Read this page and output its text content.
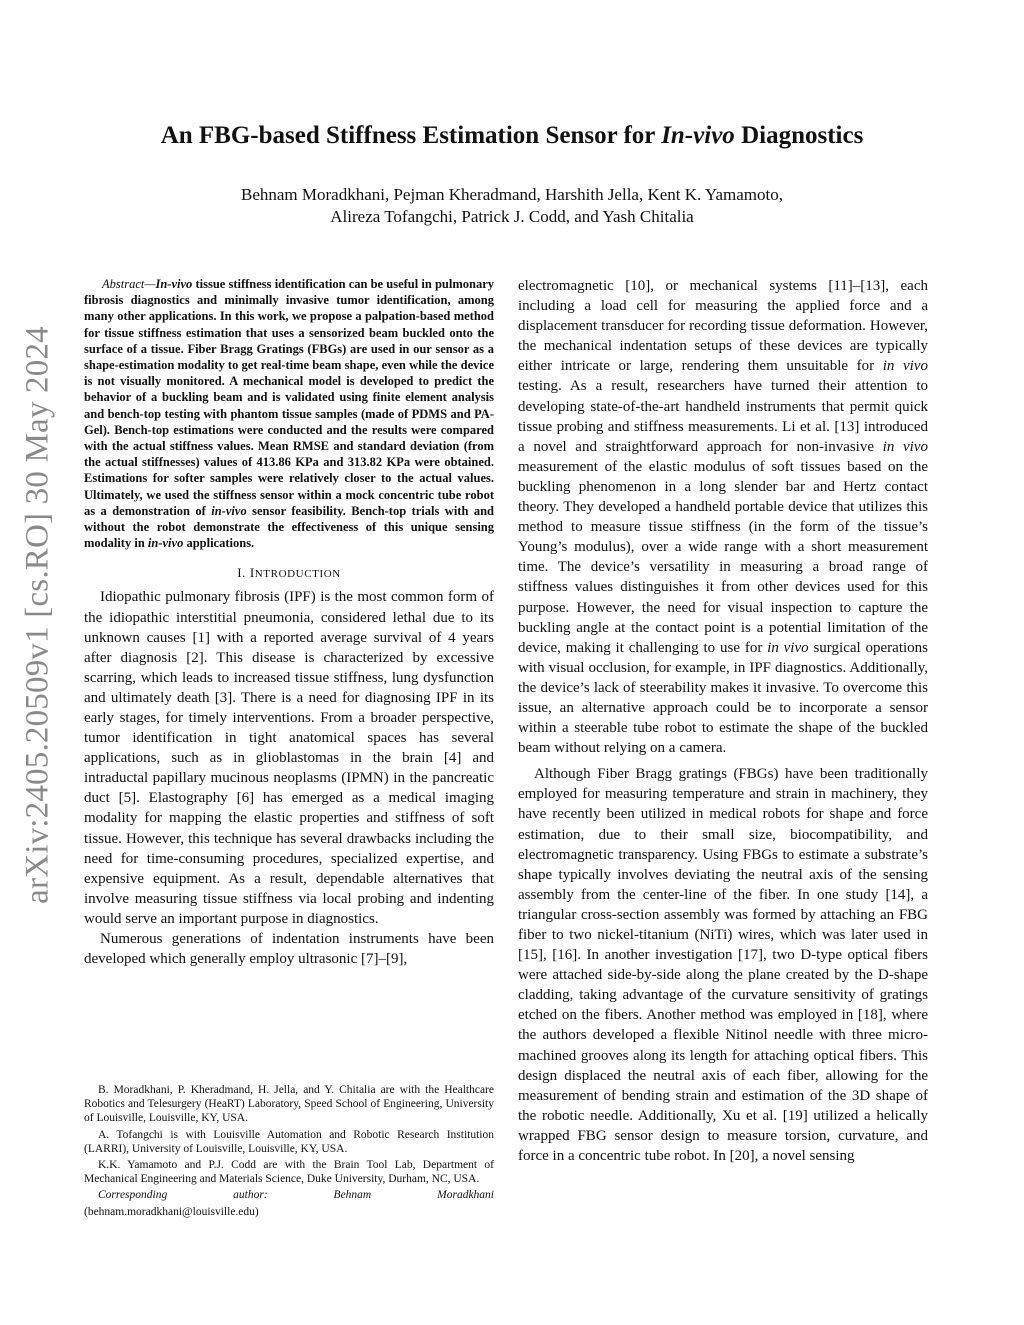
arXiv:2405.20509v1 [cs.RO] 30 May 2024
An FBG-based Stiffness Estimation Sensor for In-vivo Diagnostics
Behnam Moradkhani, Pejman Kheradmand, Harshith Jella, Kent K. Yamamoto,
Alireza Tofangchi, Patrick J. Codd, and Yash Chitalia

Abstract—In-vivo tissue stiffness identification can be useful in pulmonary fibrosis diagnostics and minimally invasive tumor identification, among many other applications. In this work, we propose a palpation-based method for tissue stiffness estimation that uses a sensorized beam buckled onto the surface of a tissue. Fiber Bragg Gratings (FBGs) are used in our sensor as a shape-estimation modality to get real-time beam shape, even while the device is not visually monitored. A mechanical model is developed to predict the behavior of a buckling beam and is validated using finite element analysis and bench-top testing with phantom tissue samples (made of PDMS and PA-Gel). Bench-top estimations were conducted and the results were compared with the actual stiffness values. Mean RMSE and standard deviation (from the actual stiffnesses) values of 413.86 KPa and 313.82 KPa were obtained. Estimations for softer samples were relatively closer to the actual values. Ultimately, we used the stiffness sensor within a mock concentric tube robot as a demonstration of in-vivo sensor feasibility. Bench-top trials with and without the robot demonstrate the effectiveness of this unique sensing modality in in-vivo applications.

I. INTRODUCTION

Idiopathic pulmonary fibrosis (IPF) is the most common form of the idiopathic interstitial pneumonia, considered lethal due to its unknown causes [1] with a reported average survival of 4 years after diagnosis [2]. This disease is characterized by excessive scarring, which leads to increased tissue stiffness, lung dysfunction and ultimately death [3]. There is a need for diagnosing IPF in its early stages, for timely interventions. From a broader perspective, tumor identification in tight anatomical spaces has several applications, such as in glioblastomas in the brain [4] and intraductal papillary mucinous neoplasms (IPMN) in the pancreatic duct [5]. Elastography [6] has emerged as a medical imaging modality for mapping the elastic properties and stiffness of soft tissue. However, this technique has several drawbacks including the need for time-consuming procedures, specialized expertise, and expensive equipment. As a result, dependable alternatives that involve measuring tissue stiffness via local probing and indenting would serve an important purpose in diagnostics.

Numerous generations of indentation instruments have been developed which generally employ ultrasonic [7]–[9],

B. Moradkhani, P. Kheradmand, H. Jella, and Y. Chitalia are with the Healthcare Robotics and Telesurgery (HeaRT) Laboratory, Speed School of Engineering, University of Louisville, Louisville, KY, USA.

A. Tofangchi is with Louisville Automation and Robotic Research Institution (LARRI), University of Louisville, Louisville, KY, USA.

K.K. Yamamoto and P.J. Codd are with the Brain Tool Lab, Department of Mechanical Engineering and Materials Science, Duke University, Durham, NC, USA.

Corresponding author: Behnam Moradkhani

(behnam.moradkhani@louisville.edu)

electromagnetic [10], or mechanical systems [11]–[13], each including a load cell for measuring the applied force and a displacement transducer for recording tissue deformation. However, the mechanical indentation setups of these devices are typically either intricate or large, rendering them unsuitable for in vivo testing. As a result, researchers have turned their attention to developing state-of-the-art handheld instruments that permit quick tissue probing and stiffness measurements. Li et al. [13] introduced a novel and straightforward approach for non-invasive in vivo measurement of the elastic modulus of soft tissues based on the buckling phenomenon in a long slender bar and Hertz contact theory. They developed a handheld portable device that utilizes this method to measure tissue stiffness (in the form of the tissue’s Young’s modulus), over a wide range with a short measurement time. The device’s versatility in measuring a broad range of stiffness values distinguishes it from other devices used for this purpose. However, the need for visual inspection to capture the buckling angle at the contact point is a potential limitation of the device, making it challenging to use for in vivo surgical operations with visual occlusion, for example, in IPF diagnostics. Additionally, the device’s lack of steerability makes it invasive. To overcome this issue, an alternative approach could be to incorporate a sensor within a steerable tube robot to estimate the shape of the buckled beam without relying on a camera.

Although Fiber Bragg gratings (FBGs) have been traditionally employed for measuring temperature and strain in machinery, they have recently been utilized in medical robots for shape and force estimation, due to their small size, biocompatibility, and electromagnetic transparency. Using FBGs to estimate a substrate’s shape typically involves deviating the neutral axis of the sensing assembly from the center-line of the fiber. In one study [14], a triangular cross-section assembly was formed by attaching an FBG fiber to two nickel-titanium (NiTi) wires, which was later used in [15], [16]. In another investigation [17], two D-type optical fibers were attached side-by-side along the plane created by the D-shape cladding, taking advantage of the curvature sensitivity of gratings etched on the fibers. Another method was employed in [18], where the authors developed a flexible Nitinol needle with three micro-machined grooves along its length for attaching optical fibers. This design displaced the neutral axis of each fiber, allowing for the measurement of bending strain and estimation of the 3D shape of the robotic needle. Additionally, Xu et al. [19] utilized a helically wrapped FBG sensor design to measure torsion, curvature, and force in a concentric tube robot. In [20], a novel sensing
